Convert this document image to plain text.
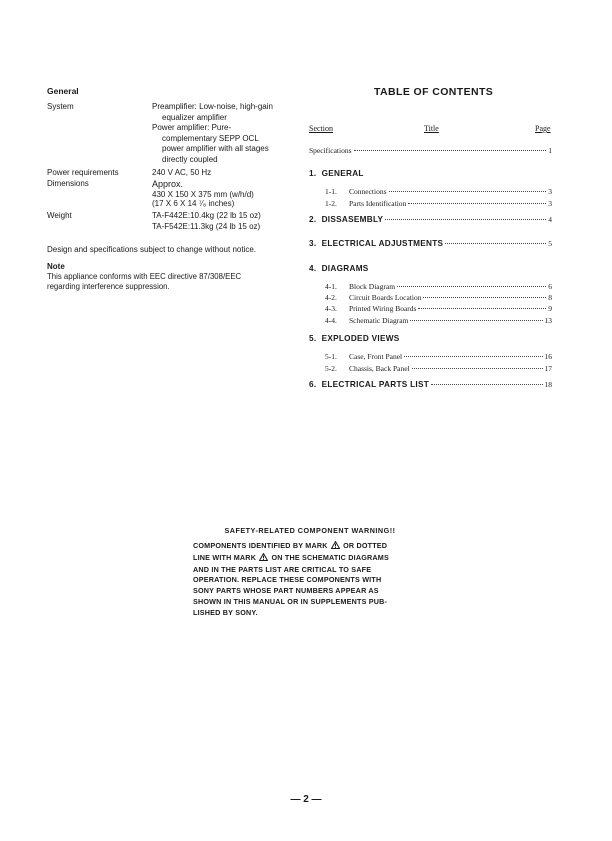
General
System	Preamplifier: Low-noise, high-gain
equalizer amplifier
Power amplifier: Pure-
complementary SEPP OCL
power amplifier with all stages
directly coupled
Power requirements	240 V AC, 50 Hz
Dimensions	Approx.
430 X 150 X 375 mm (w/h/d)
(17 X 6 X 14 ⁷⁄₈ inches)
Weight	TA-F442E:10.4kg (22 lb 15 oz)
TA-F542E:11.3kg (24 lb 15 oz)
Design and specifications subject to change without notice.
Note
This appliance conforms with EEC directive 87/308/EEC
regarding interference suppression.
TABLE OF CONTENTS
Section	Title	Page
Specifications	1
1. GENERAL
1-1. Connections	3
1-2. Parts Identification	3
2. DISSASEMBLY	4
3. ELECTRICAL ADJUSTMENTS	5
4. DIAGRAMS
4-1. Block Diagram	6
4-2. Circuit Boards Location	8
4-3. Printed Wiring Boards	9
4-4. Schematic Diagram	13
5. EXPLODED VIEWS
5-1. Case, Front Panel	16
5-2. Chassis, Back Panel	17
6. ELECTRICAL PARTS LIST	18
SAFETY-RELATED COMPONENT WARNING!!
COMPONENTS IDENTIFIED BY MARK OR DOTTED
LINE WITH MARK ON THE SCHEMATIC DIAGRAMS
AND IN THE PARTS LIST ARE CRITICAL TO SAFE
OPERATION. REPLACE THESE COMPONENTS WITH
SONY PARTS WHOSE PART NUMBERS APPEAR AS
SHOWN IN THIS MANUAL OR IN SUPPLEMENTS PUB-
LISHED BY SONY.
— 2 —
